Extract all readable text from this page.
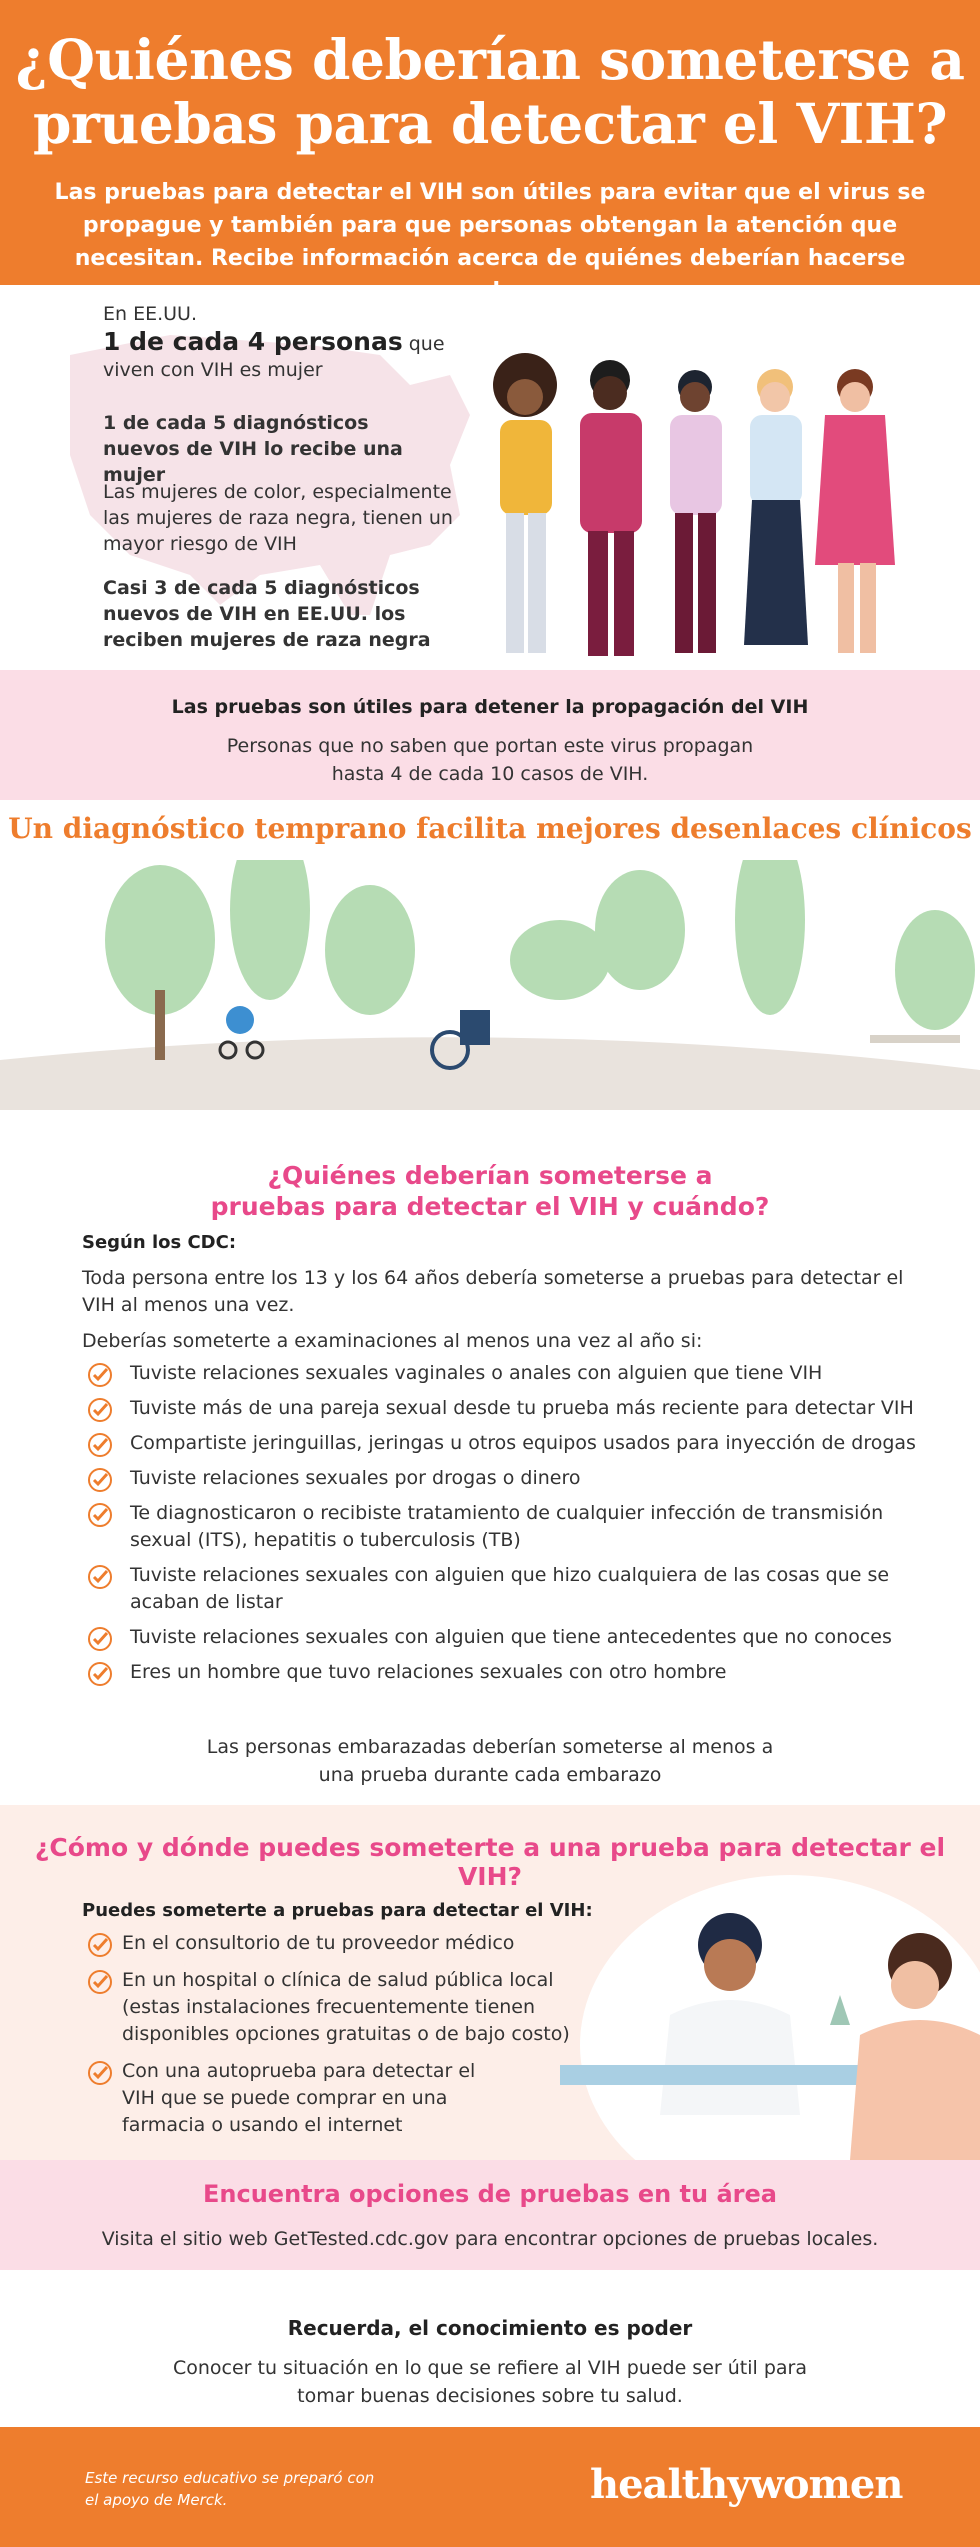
¿Quiénes deberían someterse a pruebas para detectar el VIH?

Las pruebas para detectar el VIH son útiles para evitar que el virus se propague y también para que personas obtengan la atención que necesitan. Recibe información acerca de quiénes deberían hacerse pruebas.

En EE.UU.
1 de cada 4 personas que viven con VIH es mujer
1 de cada 5 diagnósticos nuevos de VIH lo recibe una mujer
Las mujeres de color, especialmente las mujeres de raza negra, tienen un mayor riesgo de VIH
Casi 3 de cada 5 diagnósticos nuevos de VIH en EE.UU. los reciben mujeres de raza negra
Las pruebas son útiles para detener la propagación del VIH
Personas que no saben que portan este virus propagan hasta 4 de cada 10 casos de VIH.
Un diagnóstico temprano facilita mejores desenlaces clínicos
¿Quiénes deberían someterse a pruebas para detectar el VIH y cuándo?
Según los CDC:
Toda persona entre los 13 y los 64 años debería someterse a pruebas para detectar el VIH al menos una vez.
Deberías someterte a examinaciones al menos una vez al año si:
Tuviste relaciones sexuales vaginales o anales con alguien que tiene VIH
Tuviste más de una pareja sexual desde tu prueba más reciente para detectar VIH
Compartiste jeringuillas, jeringas u otros equipos usados para inyección de drogas
Tuviste relaciones sexuales por drogas o dinero
Te diagnosticaron o recibiste tratamiento de cualquier infección de transmisión sexual (ITS), hepatitis o tuberculosis (TB)
Tuviste relaciones sexuales con alguien que hizo cualquiera de las cosas que se acaban de listar
Tuviste relaciones sexuales con alguien que tiene antecedentes que no conoces
Eres un hombre que tuvo relaciones sexuales con otro hombre
Las personas embarazadas deberían someterse al menos a una prueba durante cada embarazo
¿Cómo y dónde puedes someterte a una prueba para detectar el VIH?
Puedes someterte a pruebas para detectar el VIH:
En el consultorio de tu proveedor médico
En un hospital o clínica de salud pública local (estas instalaciones frecuentemente tienen disponibles opciones gratuitas o de bajo costo)
Con una autoprueba para detectar el VIH que se puede comprar en una farmacia o usando el internet
Encuentra opciones de pruebas en tu área
Visita el sitio web GetTested.cdc.gov para encontrar opciones de pruebas locales.
Recuerda, el conocimiento es poder
Conocer tu situación en lo que se refiere al VIH puede ser útil para tomar buenas decisiones sobre tu salud.
Este recurso educativo se preparó con el apoyo de Merck.	healthywomen
